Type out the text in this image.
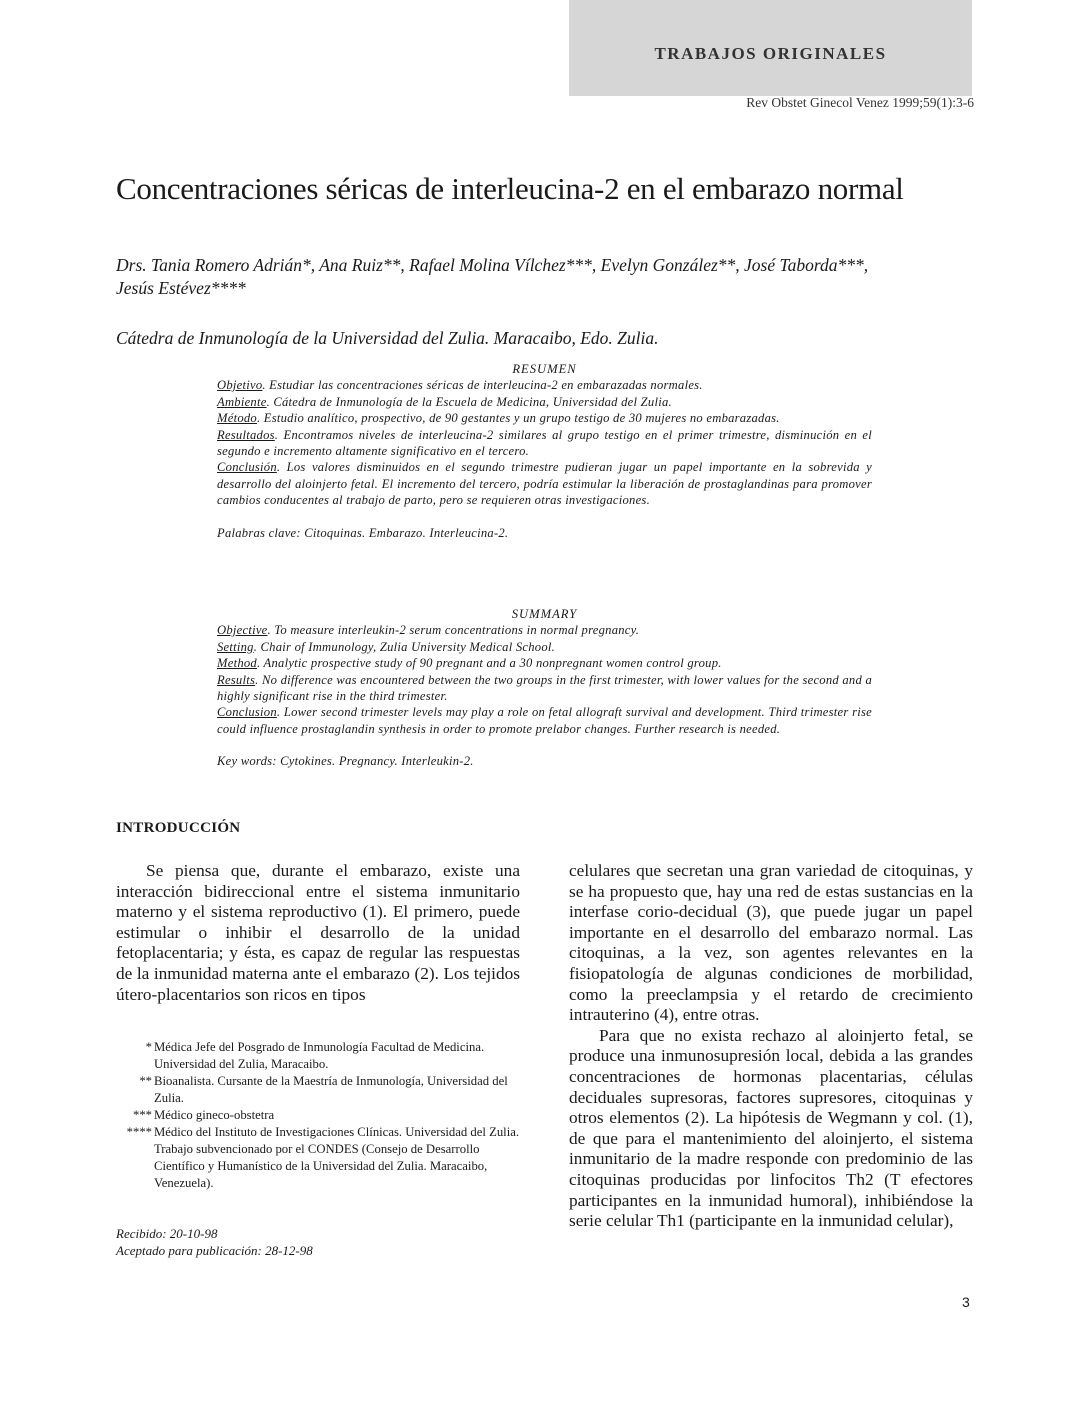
TRABAJOS ORIGINALES
Rev Obstet Ginecol Venez 1999;59(1):3-6
Concentraciones séricas de interleucina-2 en el embarazo normal
Drs. Tania Romero Adrián*, Ana Ruiz**, Rafael Molina Vílchez***, Evelyn González**, José Taborda***,
Jesús Estévez****
Cátedra de Inmunología de la Universidad del Zulia. Maracaibo, Edo. Zulia.

RESUMEN

Objetivo. Estudiar las concentraciones séricas de interleucina-2 en embarazadas normales.

Ambiente. Cátedra de Inmunología de la Escuela de Medicina, Universidad del Zulia.

Método. Estudio analítico, prospectivo, de 90 gestantes y un grupo testigo de 30 mujeres no embarazadas.

Resultados. Encontramos niveles de interleucina-2 similares al grupo testigo en el primer trimestre, disminución en el segundo e incremento altamente significativo en el tercero.

Conclusión. Los valores disminuidos en el segundo trimestre pudieran jugar un papel importante en la sobrevida y desarrollo del aloinjerto fetal. El incremento del tercero, podría estimular la liberación de prostaglandinas para promover cambios conducentes al trabajo de parto, pero se requieren otras investigaciones.

Palabras clave: Citoquinas. Embarazo. Interleucina-2.

SUMMARY

Objective. To measure interleukin-2 serum concentrations in normal pregnancy.

Setting. Chair of Immunology, Zulia University Medical School.

Method. Analytic prospective study of 90 pregnant and a 30 nonpregnant women control group.

Results. No difference was encountered between the two groups in the first trimester, with lower values for the second and a highly significant rise in the third trimester.

Conclusion. Lower second trimester levels may play a role on fetal allograft survival and development. Third trimester rise could influence prostaglandin synthesis in order to promote prelabor changes. Further research is needed.

Key words: Cytokines. Pregnancy. Interleukin-2.

INTRODUCCIÓN

Se piensa que, durante el embarazo, existe una interacción bidireccional entre el sistema inmunitario materno y el sistema reproductivo (1). El primero, puede estimular o inhibir el desarrollo de la unidad fetoplacentaria; y ésta, es capaz de regular las respuestas de la inmunidad materna ante el embarazo (2). Los tejidos útero-placentarios son ricos en tipos

celulares que secretan una gran variedad de citoquinas, y se ha propuesto que, hay una red de estas sustancias en la interfase corio-decidual (3), que puede jugar un papel importante en el desarrollo del embarazo normal. Las citoquinas, a la vez, son agentes relevantes en la fisiopatología de algunas condiciones de morbilidad, como la preeclampsia y el retardo de crecimiento intrauterino (4), entre otras.

Para que no exista rechazo al aloinjerto fetal, se produce una inmunosupresión local, debida a las grandes concentraciones de hormonas placentarias, células deciduales supresoras, factores supresores, citoquinas y otros elementos (2). La hipótesis de Wegmann y col. (1), de que para el mantenimiento del aloinjerto, el sistema inmunitario de la madre responde con predominio de las citoquinas producidas por linfocitos Th2 (T efectores participantes en la inmunidad humoral), inhibiéndose la serie celular Th1 (participante en la inmunidad celular),

* Médica Jefe del Posgrado de Inmunología Facultad de Medicina. Universidad del Zulia, Maracaibo.
** Bioanalista. Cursante de la Maestría de Inmunología, Universidad del Zulia.
*** Médico gineco-obstetra
**** Médico del Instituto de Investigaciones Clínicas. Universidad del Zulia.
Trabajo subvencionado por el CONDES (Consejo de Desarrollo Científico y Humanístico de la Universidad del Zulia. Maracaibo, Venezuela).
Recibido: 20-10-98
Aceptado para publicación: 28-12-98
3
